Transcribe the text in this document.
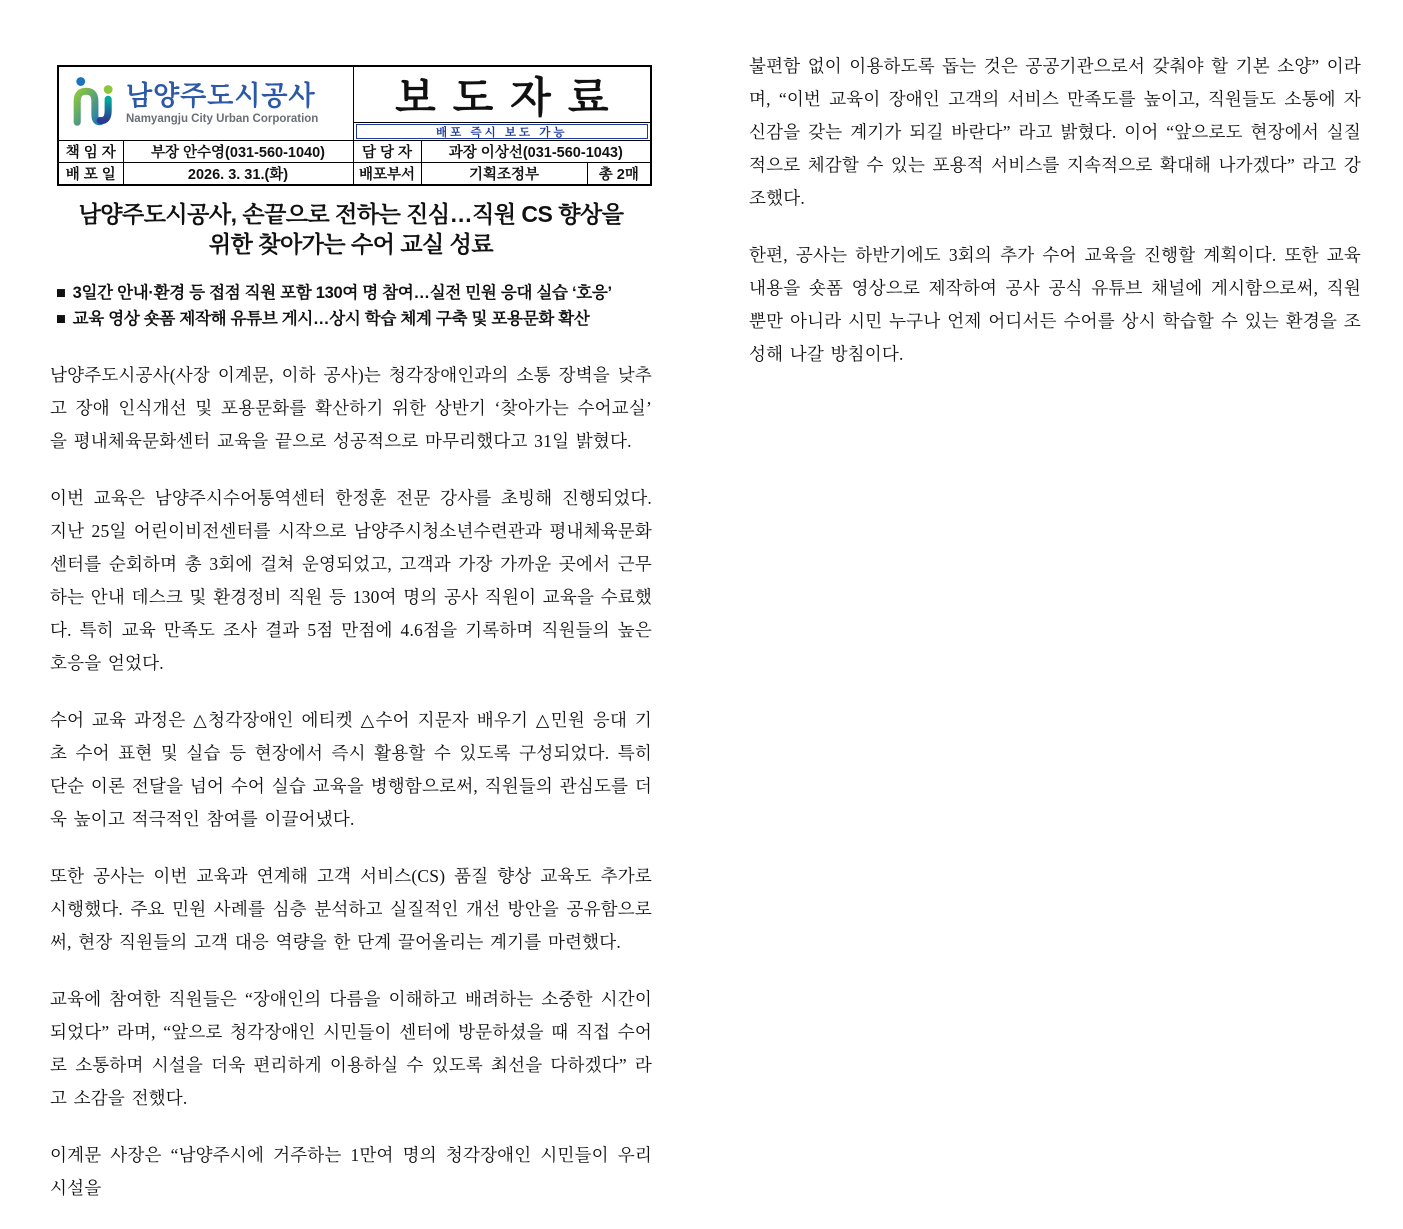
남양주도시공사
Namyangju City Urban Corporation	보도자료
배포 즉시 보도 가능

책 임 자	부장 안수영(031-560-1040)	담 당 자	과장 이상선(031-560-1043)	
배 포 일	2026. 3. 31.(화)	배포부서	기획조정부	총 2매
남양주도시공사, 손끝으로 전하는 진심…직원 CS 향상을
위한 찾아가는 수어 교실 성료
■ 3일간 안내·환경 등 접점 직원 포함 130여 명 참여…실전 민원 응대 실습 ‘호응’
■ 교육 영상 숏폼 제작해 유튜브 게시…상시 학습 체계 구축 및 포용문화 확산

남양주도시공사(사장 이계문, 이하 공사)는 청각장애인과의 소통 장벽을 낮추고 장애 인식개선 및 포용문화를 확산하기 위한 상반기 ‘찾아가는 수어교실’ 을 평내체육문화센터 교육을 끝으로 성공적으로 마무리했다고 31일 밝혔다.

이번 교육은 남양주시수어통역센터 한정훈 전문 강사를 초빙해 진행되었다. 지난 25일 어린이비전센터를 시작으로 남양주시청소년수련관과 평내체육문화센터를 순회하며 총 3회에 걸쳐 운영되었고, 고객과 가장 가까운 곳에서 근무하는 안내 데스크 및 환경정비 직원 등 130여 명의 공사 직원이 교육을 수료했다. 특히 교육 만족도 조사 결과 5점 만점에 4.6점을 기록하며 직원들의 높은 호응을 얻었다.

수어 교육 과정은 △청각장애인 에티켓 △수어 지문자 배우기 △민원 응대 기초 수어 표현 및 실습 등 현장에서 즉시 활용할 수 있도록 구성되었다. 특히 단순 이론 전달을 넘어 수어 실습 교육을 병행함으로써, 직원들의 관심도를 더욱 높이고 적극적인 참여를 이끌어냈다.

또한 공사는 이번 교육과 연계해 고객 서비스(CS) 품질 향상 교육도 추가로 시행했다. 주요 민원 사례를 심층 분석하고 실질적인 개선 방안을 공유함으로써, 현장 직원들의 고객 대응 역량을 한 단계 끌어올리는 계기를 마련했다.

교육에 참여한 직원들은 “장애인의 다름을 이해하고 배려하는 소중한 시간이 되었다” 라며, “앞으로 청각장애인 시민들이 센터에 방문하셨을 때 직접 수어로 소통하며 시설을 더욱 편리하게 이용하실 수 있도록 최선을 다하겠다” 라고 소감을 전했다.

이계문 사장은 “남양주시에 거주하는 1만여 명의 청각장애인 시민들이 우리 시설을

불편함 없이 이용하도록 돕는 것은 공공기관으로서 갖춰야 할 기본 소양” 이라며, “이번 교육이 장애인 고객의 서비스 만족도를 높이고, 직원들도 소통에 자신감을 갖는 계기가 되길 바란다” 라고 밝혔다. 이어 “앞으로도 현장에서 실질적으로 체감할 수 있는 포용적 서비스를 지속적으로 확대해 나가겠다” 라고 강조했다.

한편, 공사는 하반기에도 3회의 추가 수어 교육을 진행할 계획이다. 또한 교육 내용을 숏폼 영상으로 제작하여 공사 공식 유튜브 채널에 게시함으로써, 직원 뿐만 아니라 시민 누구나 언제 어디서든 수어를 상시 학습할 수 있는 환경을 조성해 나갈 방침이다.
